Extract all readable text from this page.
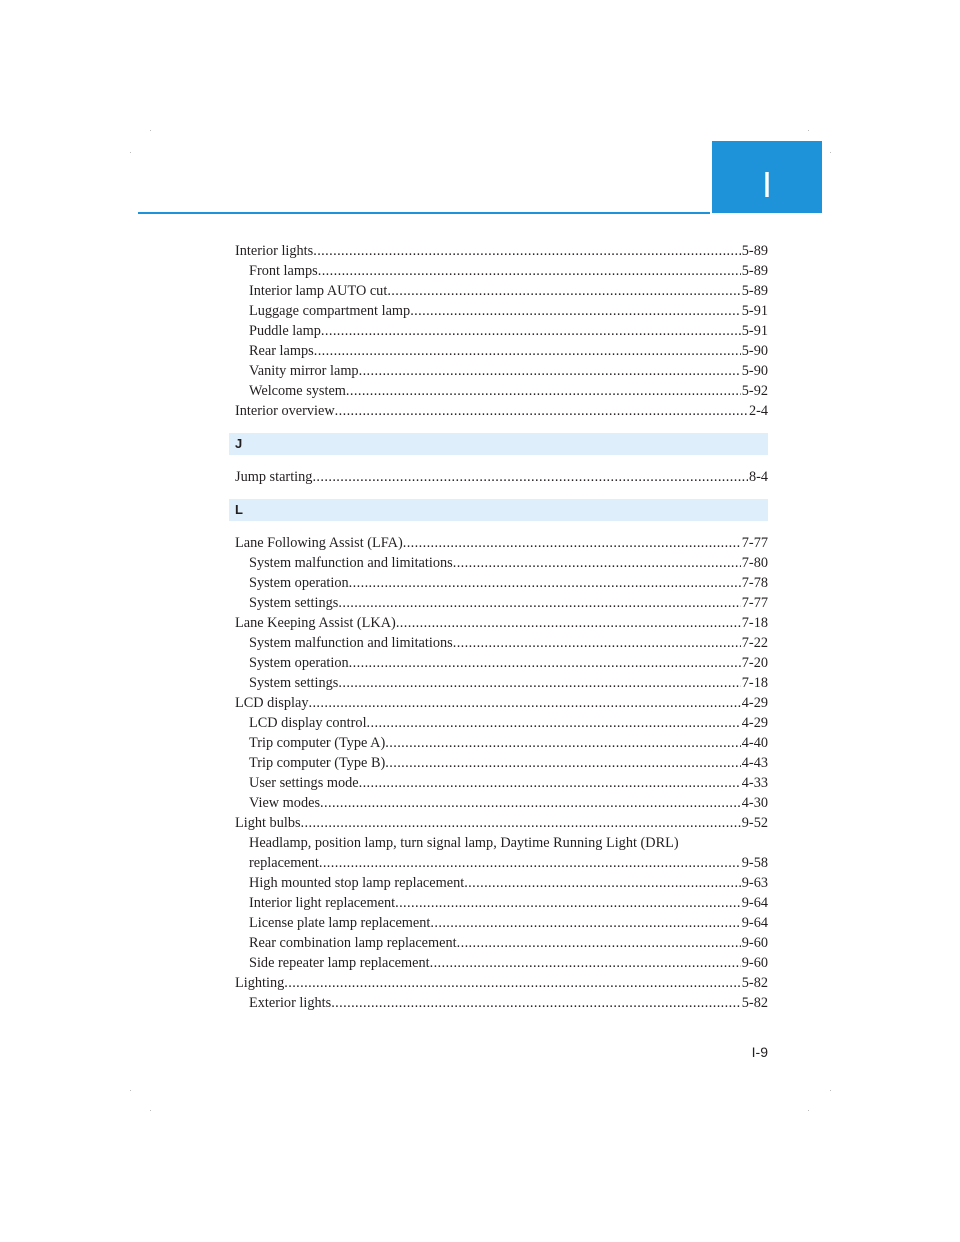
I
Interior lights .....	5-89
Front lamps .....	5-89
Interior lamp AUTO cut .....	5-89
Luggage compartment lamp .....	5-91
Puddle lamp .....	5-91
Rear lamps .....	5-90
Vanity mirror lamp .....	5-90
Welcome system .....	5-92
Interior overview .....	2-4
J
Jump starting .....	8-4
L
Lane Following Assist (LFA) .....	7-77
System malfunction and limitations .....	7-80
System operation .....	7-78
System settings .....	7-77
Lane Keeping Assist (LKA) .....	7-18
System malfunction and limitations .....	7-22
System operation .....	7-20
System settings .....	7-18
LCD display .....	4-29
LCD display control .....	4-29
Trip computer (Type A) .....	4-40
Trip computer (Type B) .....	4-43
User settings mode .....	4-33
View modes .....	4-30
Light bulbs .....	9-52
Headlamp, position lamp, turn signal lamp, Daytime Running Light (DRL)
replacement .....	9-58
High mounted stop lamp replacement .....	9-63
Interior light replacement .....	9-64
License plate lamp replacement .....	9-64
Rear combination lamp replacement .....	9-60
Side repeater lamp replacement .....	9-60
Lighting .....	5-82
Exterior lights .....	5-82
I-9
